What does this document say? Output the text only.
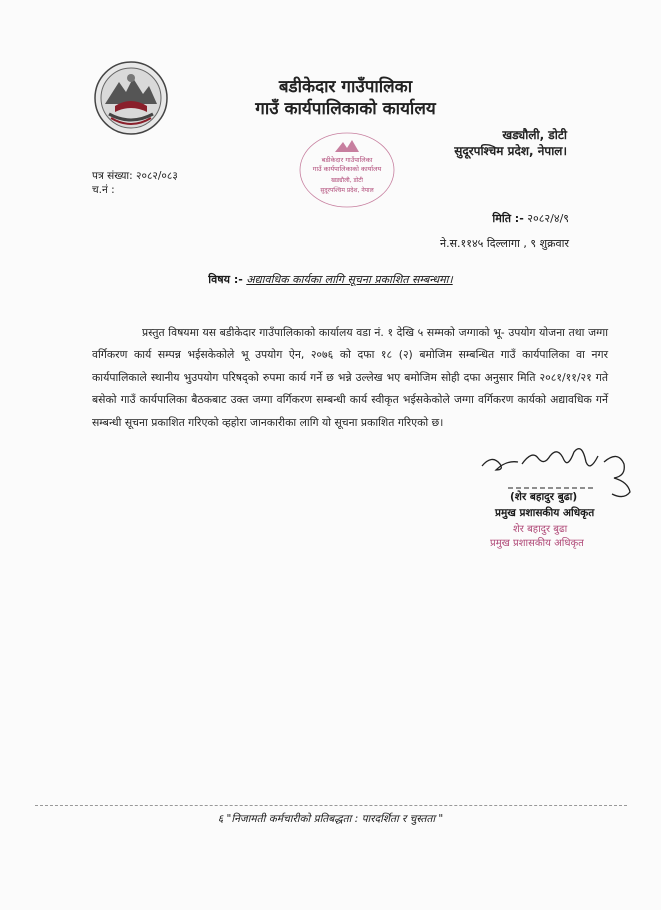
बडीकेदार गाउँपालिका
गाउँ कार्यपालिकाको कार्यालय
खड्यौली, डोटी
सुदूरपश्चिम प्रदेश, नेपाल।
बडीकेदार गाउँपालिका
गाउँ कार्यपालिकाको कार्यालय
खड्यौली, डोटी
सुदूरपश्चिम प्रदेश, नेपाल
पत्र संख्या: २०८२/०८३
च.नं :
मिति :- २०८२/४/९
ने.स.११४५ दिल्लागा , ९ शुक्रवार
विषय :- अद्यावधिक कार्यका लागि सूचना प्रकाशित सम्बन्धमा।
प्रस्तुत विषयमा यस बडीकेदार गाउँपालिकाको कार्यालय वडा नं. १ देखि ५ सम्मको जग्गाको भू- उपयोग योजना तथा जग्गा वर्गिकरण कार्य सम्पन्न भईसकेकोले भू उपयोग ऐन, २०७६ को दफा १८ (२) बमोजिम सम्बन्धित गाउँ कार्यपालिका वा नगर कार्यपालिकाले स्थानीय भुउपयोग परिषद्को रुपमा कार्य गर्ने छ भन्ने उल्लेख भए बमोजिम सोही दफा अनुसार मिति २०८१/११/२१ गते बसेको गाउँ कार्यपालिका बैठकबाट उक्त जग्गा वर्गिकरण सम्बन्धी कार्य स्वीकृत भईसकेकोले जग्गा वर्गिकरण कार्यको अद्यावधिक गर्ने सम्बन्धी सूचना प्रकाशित गरिएको व्हहोरा जानकारीका लागि यो सूचना प्रकाशित गरिएको छ।
(शेर बहादुर बुढा)
प्रमुख प्रशासकीय अधिकृत
शेर बहादुर बुढा
प्रमुख प्रशासकीय अधिकृत
६ "निजामती कर्मचारीको प्रतिबद्धता : पारदर्शिता र चुस्तता "
